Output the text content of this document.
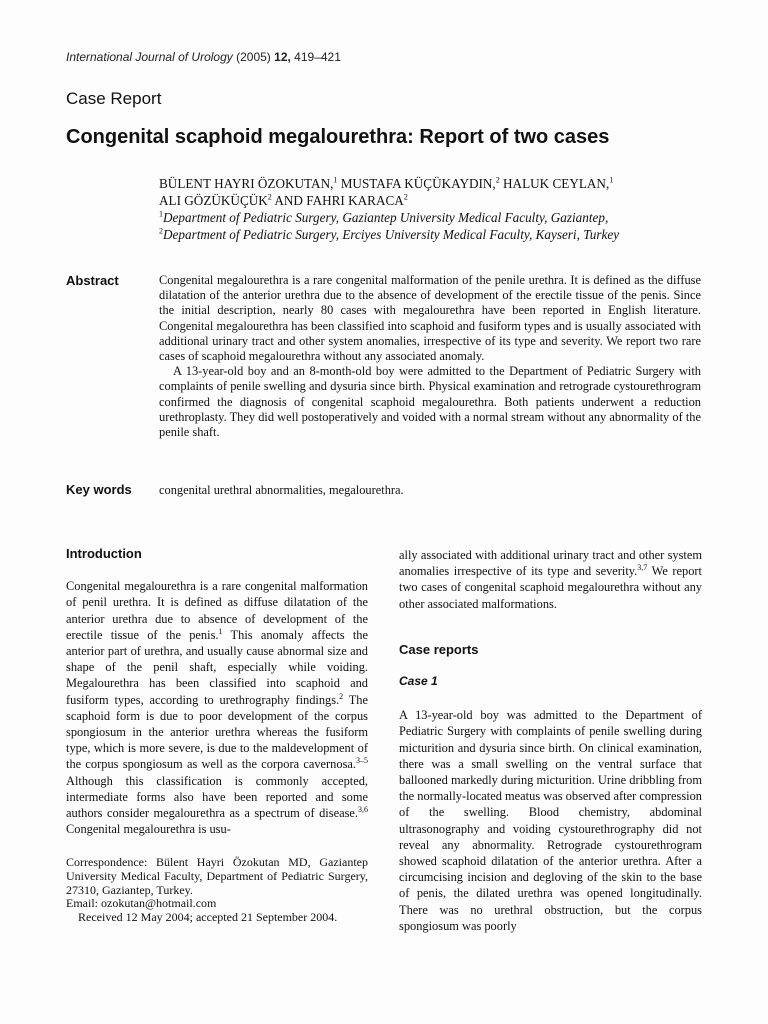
International Journal of Urology (2005) 12, 419–421
Case Report
Congenital scaphoid megalourethra: Report of two cases
BÜLENT HAYRI ÖZOKUTAN,$^1$ MUSTAFA KÜÇÜKAYDIN,$^2$ HALUK CEYLAN,$^1$
ALI GÖZÜKÜÇÜK$^2$ AND FAHRI KARACA$^2$
$^1$Department of Pediatric Surgery, Gaziantep University Medical Faculty, Gaziantep,
$^2$Department of Pediatric Surgery, Erciyes University Medical Faculty, Kayseri, Turkey
Abstract	Congenital megalourethra is a rare congenital malformation of the penile urethra. It is defined as the diffuse dilatation of the anterior urethra due to the absence of development of the erectile tissue of the penis. Since the initial description, nearly 80 cases with megalourethra have been reported in English literature. Congenital megalourethra has been classified into scaphoid and fusiform types and is usually associated with additional urinary tract and other system anomalies, irrespective of its type and severity. We report two rare cases of scaphoid megalourethra without any associated anomaly.

A 13-year-old boy and an 8-month-old boy were admitted to the Department of Pediatric Surgery with complaints of penile swelling and dysuria since birth. Physical examination and retrograde cystourethrogram confirmed the diagnosis of congenital scaphoid megalourethra. Both patients underwent a reduction urethroplasty. They did well postoperatively and voided with a normal stream without any abnormality of the penile shaft.

Key words congenital urethral abnormalities, megalourethra.
Introduction

Congenital megalourethra is a rare congenital malformation of penil urethra. It is defined as diffuse dilatation of the anterior urethra due to absence of development of the erectile tissue of the penis.$^1$ This anomaly affects the anterior part of urethra, and usually cause abnormal size and shape of the penil shaft, especially while voiding. Megalourethra has been classified into scaphoid and fusiform types, according to urethrography findings.$^2$ The scaphoid form is due to poor development of the corpus spongiosum in the anterior urethra whereas the fusiform type, which is more severe, is due to the maldevelopment of the corpus spongiosum as well as the corpora cavernosa.$^{3-5}$ Although this classification is commonly accepted, intermediate forms also have been reported and some authors consider megalourethra as a spectrum of disease.$^{3,6}$ Congenital megalourethra is usu-

Correspondence: Bülent Hayri Özokutan MD, Gaziantep University Medical Faculty, Department of Pediatric Surgery, 27310, Gaziantep, Turkey.

Email: ozokutan@hotmail.com

Received 12 May 2004; accepted 21 September 2004.

ally associated with additional urinary tract and other system anomalies irrespective of its type and severity.$^{3,7}$ We report two cases of congenital scaphoid megalourethra without any other associated malformations.

Case reports
Case 1

A 13-year-old boy was admitted to the Department of Pediatric Surgery with complaints of penile swelling during micturition and dysuria since birth. On clinical examination, there was a small swelling on the ventral surface that ballooned markedly during micturition. Urine dribbling from the normally-located meatus was observed after compression of the swelling. Blood chemistry, abdominal ultrasonography and voiding cystourethrography did not reveal any abnormality. Retrograde cystourethrogram showed scaphoid dilatation of the anterior urethra. After a circumcising incision and degloving of the skin to the base of penis, the dilated urethra was opened longitudinally. There was no urethral obstruction, but the corpus spongiosum was poorly
